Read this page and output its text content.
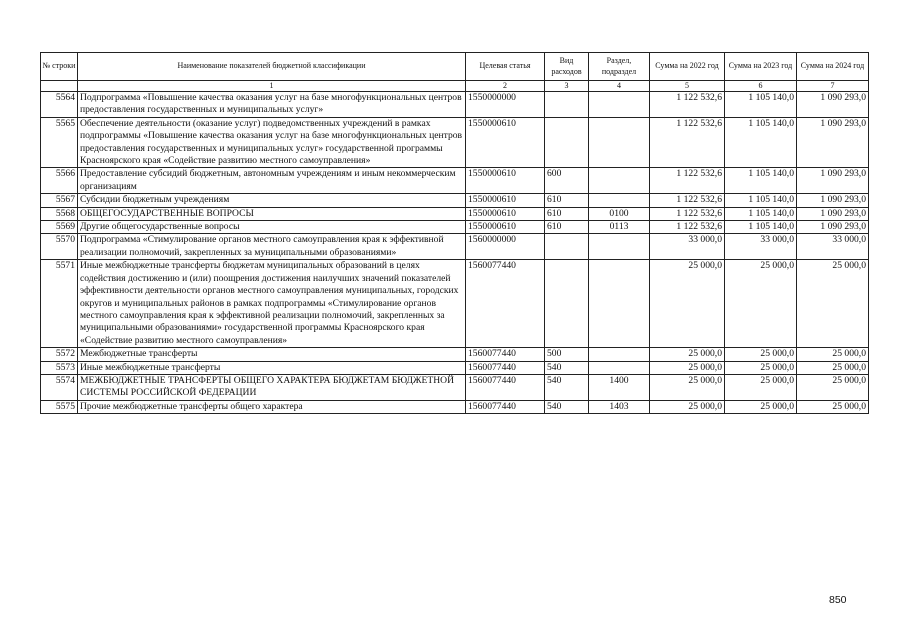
№ строки	Наименование показателей бюджетной классификации	Целевая статья	Вид расходов	Раздел, подраздел	Сумма на 2022 год	Сумма на 2023 год	Сумма на 2024 год
	1	2	3	4	5	6	7
5564	Подпрограмма «Повышение качества оказания услуг на базе многофункциональных центров предоставления государственных и муниципальных услуг»	1550000000			1 122 532,6	1 105 140,0	1 090 293,0
5565	Обеспечение деятельности (оказание услуг) подведомственных учреждений в рамках подпрограммы «Повышение качества оказания услуг на базе многофункциональных центров предоставления государственных и муниципальных услуг» государственной программы Красноярского края «Содействие развитию местного самоуправления»	1550000610			1 122 532,6	1 105 140,0	1 090 293,0
5566	Предоставление субсидий бюджетным, автономным учреждениям и иным некоммерческим организациям	1550000610	600		1 122 532,6	1 105 140,0	1 090 293,0
5567	Субсидии бюджетным учреждениям	1550000610	610		1 122 532,6	1 105 140,0	1 090 293,0
5568	ОБЩЕГОСУДАРСТВЕННЫЕ ВОПРОСЫ	1550000610	610	0100	1 122 532,6	1 105 140,0	1 090 293,0
5569	Другие общегосударственные вопросы	1550000610	610	0113	1 122 532,6	1 105 140,0	1 090 293,0
5570	Подпрограмма «Стимулирование органов местного самоуправления края к эффективной реализации полномочий, закрепленных за муниципальными образованиями»	1560000000			33 000,0	33 000,0	33 000,0
5571	Иные межбюджетные трансферты бюджетам муниципальных образований в целях содействия достижению и (или) поощрения достижения наилучших значений показателей эффективности деятельности органов местного самоуправления муниципальных, городских округов и муниципальных районов в рамках подпрограммы «Стимулирование органов местного самоуправления края к эффективной реализации полномочий, закрепленных за муниципальными образованиями» государственной программы Красноярского края «Содействие развитию местного самоуправления»	1560077440			25 000,0	25 000,0	25 000,0
5572	Межбюджетные трансферты	1560077440	500		25 000,0	25 000,0	25 000,0
5573	Иные межбюджетные трансферты	1560077440	540		25 000,0	25 000,0	25 000,0
5574	МЕЖБЮДЖЕТНЫЕ ТРАНСФЕРТЫ ОБЩЕГО ХАРАКТЕРА БЮДЖЕТАМ БЮДЖЕТНОЙ СИСТЕМЫ РОССИЙСКОЙ ФЕДЕРАЦИИ	1560077440	540	1400	25 000,0	25 000,0	25 000,0
5575	Прочие межбюджетные трансферты общего характера	1560077440	540	1403	25 000,0	25 000,0	25 000,0
850
